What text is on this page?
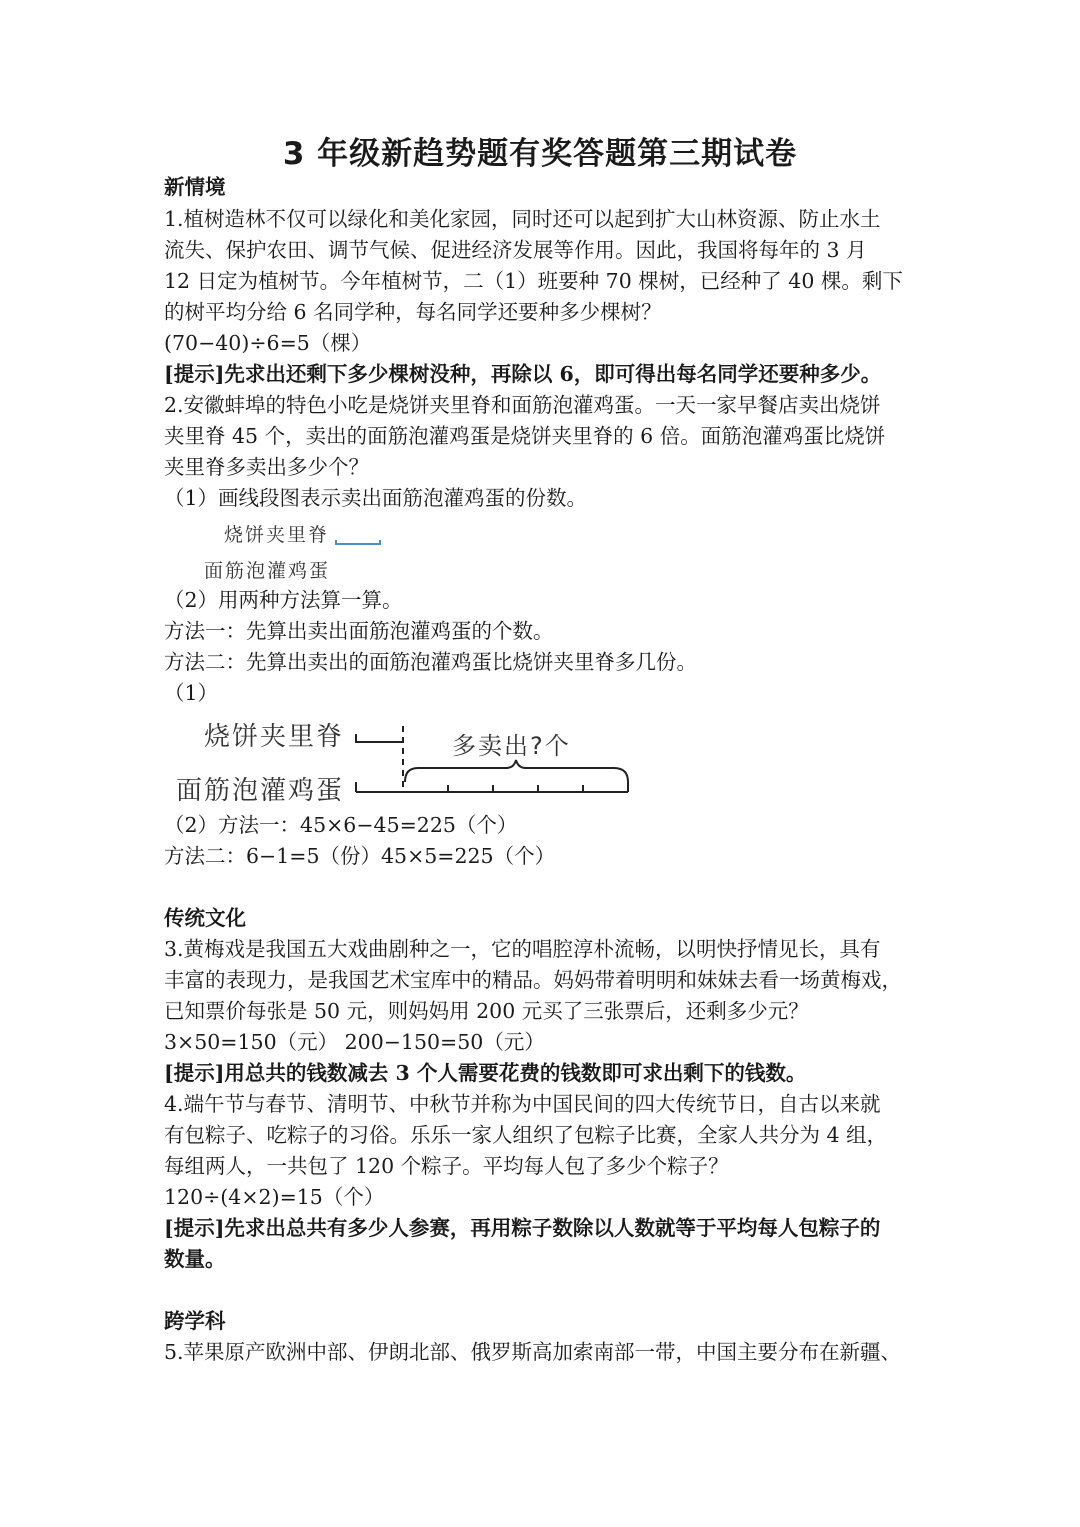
3 年级新趋势题有奖答题第三期试卷
新情境
1.植树造林不仅可以绿化和美化家园，同时还可以起到扩大山林资源、防止水土
流失、保护农田、调节气候、促进经济发展等作用。因此，我国将每年的 3 月
12 日定为植树节。今年植树节，二（1）班要种 70 棵树，已经种了 40 棵。剩下
的树平均分给 6 名同学种，每名同学还要种多少棵树？
(70−40)÷6=5（棵）
[提示]先求出还剩下多少棵树没种，再除以 6，即可得出每名同学还要种多少。
2.安徽蚌埠的特色小吃是烧饼夹里脊和面筋泡灌鸡蛋。一天一家早餐店卖出烧饼
夹里脊 45 个，卖出的面筋泡灌鸡蛋是烧饼夹里脊的 6 倍。面筋泡灌鸡蛋比烧饼
夹里脊多卖出多少个？
（1）画线段图表示卖出面筋泡灌鸡蛋的份数。
烧饼夹里脊
面筋泡灌鸡蛋
（2）用两种方法算一算。
方法一：先算出卖出面筋泡灌鸡蛋的个数。
方法二：先算出卖出的面筋泡灌鸡蛋比烧饼夹里脊多几份。
（1）
烧饼夹里脊
面筋泡灌鸡蛋
多卖出?个
（2）方法一：45×6−45=225（个）
方法二：6−1=5（份）45×5=225（个）
传统文化
3.黄梅戏是我国五大戏曲剧种之一，它的唱腔淳朴流畅，以明快抒情见长，具有
丰富的表现力，是我国艺术宝库中的精品。妈妈带着明明和妹妹去看一场黄梅戏，
已知票价每张是 50 元，则妈妈用 200 元买了三张票后，还剩多少元？
3×50=150（元） 200−150=50（元）
[提示]用总共的钱数减去 3 个人需要花费的钱数即可求出剩下的钱数。
4.端午节与春节、清明节、中秋节并称为中国民间的四大传统节日，自古以来就
有包粽子、吃粽子的习俗。乐乐一家人组织了包粽子比赛，全家人共分为 4 组，
每组两人，一共包了 120 个粽子。平均每人包了多少个粽子？
120÷(4×2)=15（个）
[提示]先求出总共有多少人参赛，再用粽子数除以人数就等于平均每人包粽子的
数量。
跨学科
5.苹果原产欧洲中部、伊朗北部、俄罗斯高加索南部一带，中国主要分布在新疆、
